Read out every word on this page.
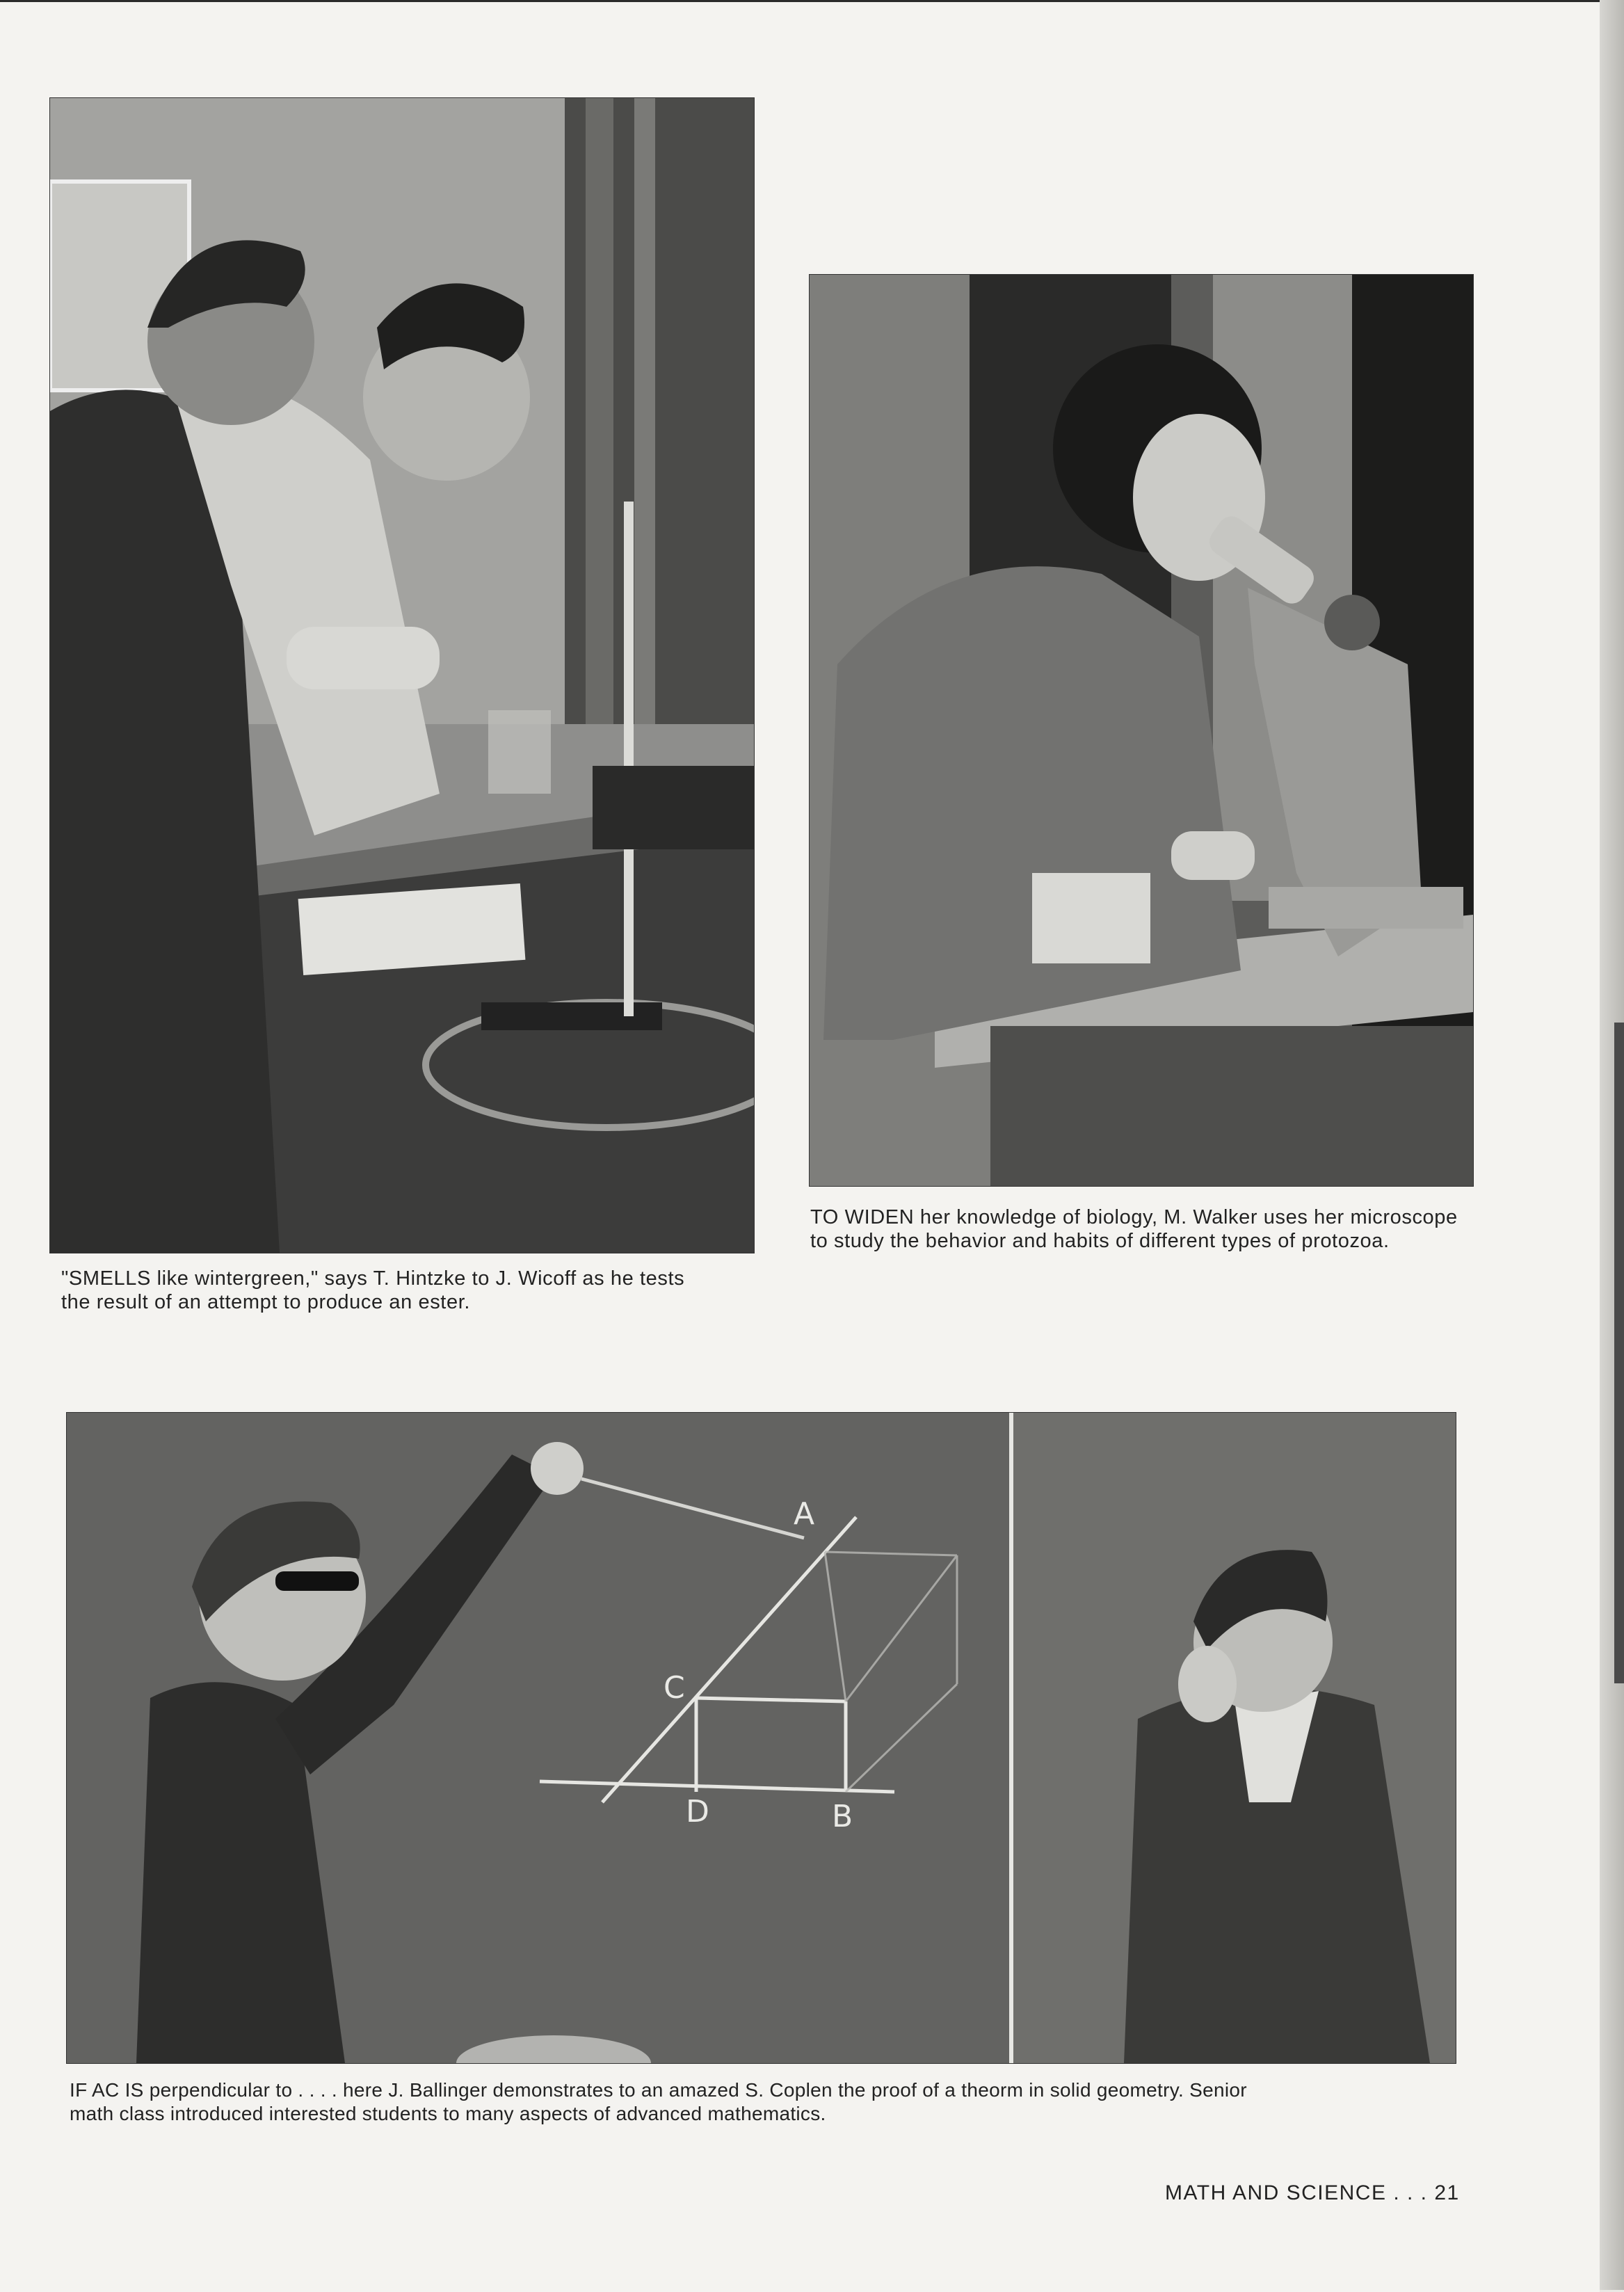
A
C
D	B

"SMELLS like wintergreen," says T. Hintzke to J. Wicoff as he tests
the result of an attempt to produce an ester.

TO WIDEN her knowledge of biology, M. Walker uses her microscope
to study the behavior and habits of different types of protozoa.

IF AC IS perpendicular to . . . . here J. Ballinger demonstrates to an amazed S. Coplen the proof of a theorm in solid geometry. Senior
math class introduced interested students to many aspects of advanced mathematics.

MATH AND SCIENCE . . . 21
